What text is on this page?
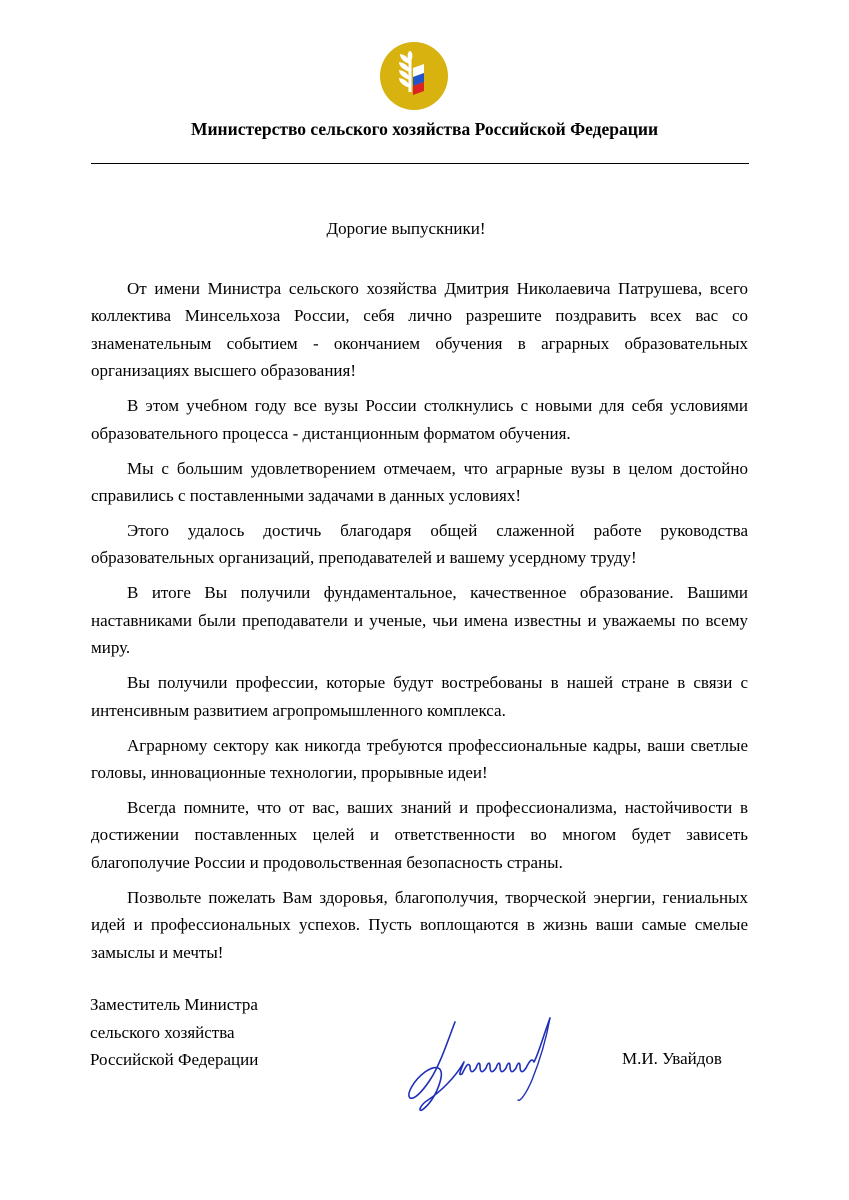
Министерство сельского хозяйства Российской Федерации
Дорогие выпускники!

От имени Министра сельского хозяйства Дмитрия Николаевича Патрушева, всего коллектива Минсельхоза России, себя лично разрешите поздравить всех вас со знаменательным событием - окончанием обучения в аграрных образовательных организациях высшего образования!

В этом учебном году все вузы России столкнулись с новыми для себя условиями образовательного процесса - дистанционным форматом обучения.

Мы с большим удовлетворением отмечаем, что аграрные вузы в целом достойно справились с поставленными задачами в данных условиях!

Этого удалось достичь благодаря общей слаженной работе руководства образовательных организаций, преподавателей и вашему усердному труду!

В итоге Вы получили фундаментальное, качественное образование. Вашими наставниками были преподаватели и ученые, чьи имена известны и уважаемы по всему миру.

Вы получили профессии, которые будут востребованы в нашей стране в связи с интенсивным развитием агропромышленного комплекса.

Аграрному сектору как никогда требуются профессиональные кадры, ваши светлые головы, инновационные технологии, прорывные идеи!

Всегда помните, что от вас, ваших знаний и профессионализма, настойчивости в достижении поставленных целей и ответственности во многом будет зависеть благополучие России и продовольственная безопасность страны.

Позвольте пожелать Вам здоровья, благополучия, творческой энергии, гениальных идей и профессиональных успехов. Пусть воплощаются в жизнь ваши самые смелые замыслы и мечты!

Заместитель Министра
сельского хозяйства
Российской Федерации	М.И. Увайдов
